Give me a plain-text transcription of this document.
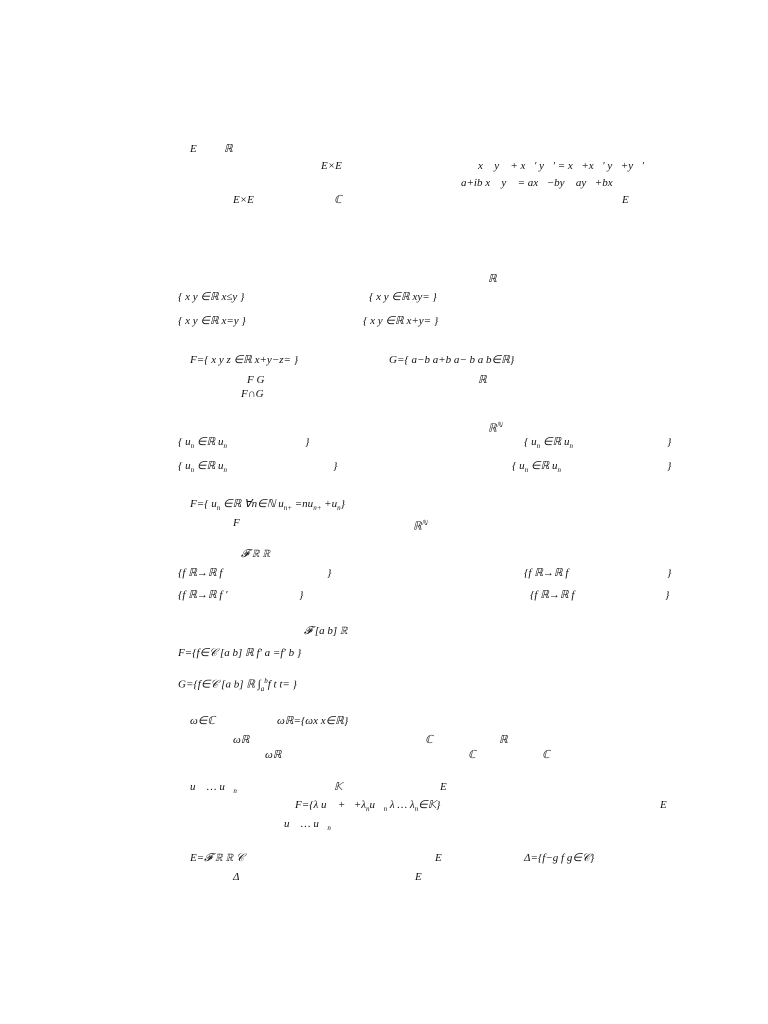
E ℝ
E×E	x⃗ y⃗ + x⃗′ y⃗′ = x⃗+x⃗′ y⃗+y⃗′
a+ib x⃗ y⃗ = ax⃗−by⃗ ay⃗+bx⃗
E×E	ℂ	E
ℝ
{ x y ∈ℝ x≤y }	{ x y ∈ℝ xy= }
{ x y ∈ℝ x=y }	{ x y ∈ℝ x+y= }
F={ x y z ∈ℝ x+y−z= }	G={ a−b a+b a− b a b∈ℝ}
F G	ℝ
F∩G
ℝ$^ℕ$
{ $u_n$ ∈ℝ $u_n$	}	{ $u_n$ ∈ℝ $u_n$	}
{ $u_n$ ∈ℝ $u_n$	}	{ $u_n$ ∈ℝ $u_n$	}
F={ $u_n$ ∈ℝ ∀n∈ℕ $u_{n+} =nu_{n+} +u_n$}
F	ℝ$^ℕ$
𝓕 ℝ ℝ
{f ℝ→ℝ f	}	{f ℝ→ℝ f	}
{f ℝ→ℝ f ′	}	{f ℝ→ℝ f	}
𝓕 [a b] ℝ
F={f∈𝒞 [a b] ℝ f′ a =f′ b }
G={f∈𝒞 [a b] ℝ $\int_a^bf$ t t= }
ω∈ℂ	ωℝ={ωx x∈ℝ}
ωℝ	ℂ	ℝ
ωℝ	ℂ	ℂ
u⃗ … $u⃗_n$	𝕂	E
F={λ u⃗ $+\cdots+\lambda_nu⃗_n$ λ … $\lambda_n\in 𝕂$}	E
u⃗ … $u⃗_n$
E=𝓕 ℝ ℝ 𝒞	E	Δ={f−g f g∈𝒞}
Δ	E
